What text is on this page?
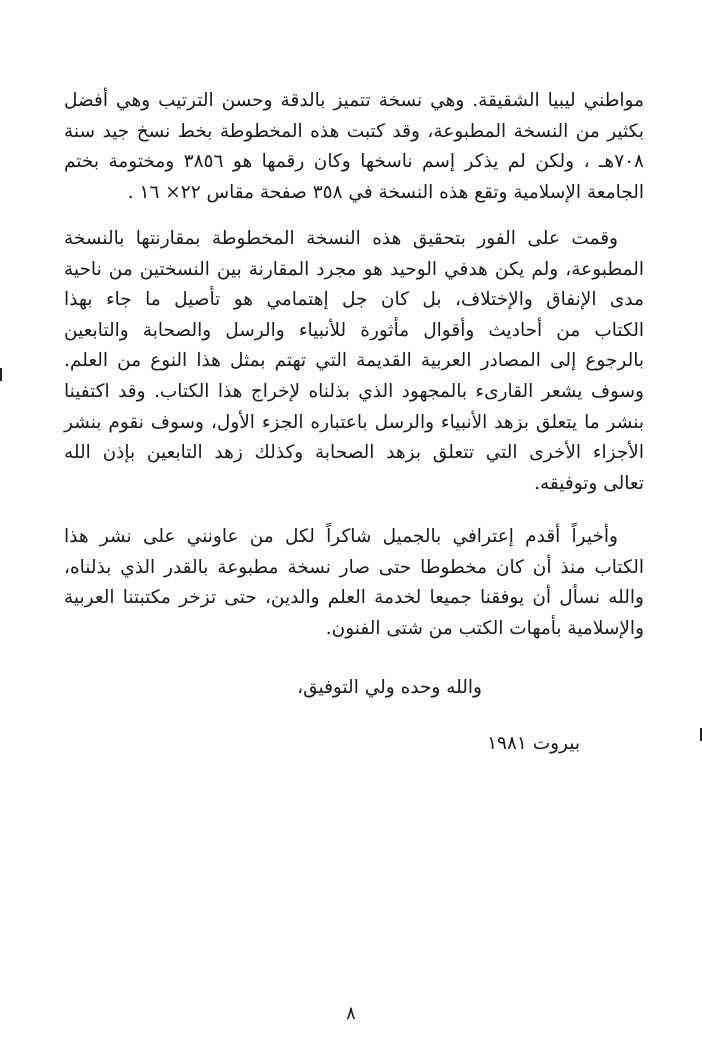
مواطني ليبيا الشقيقة. وهي نسخة تتميز بالدقة وحسن الترتيب وهي أفضل
بكثير من النسخة المطبوعة، وقد كتبت هذه المخطوطة بخط نسخ جيد سنة
٧٠٨هـ ، ولكن لم يذكر إسم ناسخها وكان رقمها هو ٣٨٥٦ ومختومة بختم
الجامعة الإسلامية وتقع هذه النسخة في ٣٥٨ صفحة مقاس ٢٢× ١٦ .
وقمت على الفور بتحقيق هذه النسخة المخطوطة بمقارنتها بالنسخة
المطبوعة، ولم يكن هدفي الوحيد هو مجرد المقارنة بين النسختين من ناحية
مدى الإنفاق والإختلاف، بل كان جل إهتمامي هو تأصيل ما جاء بهذا
الكتاب من أحاديث وأقوال مأثورة للأنبياء والرسل والصحابة والتابعين
بالرجوع إلى المصادر العربية القديمة التي تهتم بمثل هذا النوع من العلم.
وسوف يشعر القارىء بالمجهود الذي بذلناه لإخراج هذا الكتاب. وقد اكتفينا
بنشر ما يتعلق بزهد الأنبياء والرسل باعتباره الجزء الأول، وسوف نقوم بنشر
الأجزاء الأخرى التي تتعلق بزهد الصحابة وكذلك زهد التابعين بإذن الله
تعالى وتوفيقه.
وأخيراً أقدم إعترافي بالجميل شاكراً لكل من عاونني على نشر هذا
الكتاب منذ أن كان مخطوطا حتى صار نسخة مطبوعة بالقدر الذي بذلناه،
والله نسأل أن يوفقنا جميعا لخدمة العلم والدين، حتى تزخر مكتبتنا العربية
والإسلامية بأمهات الكتب من شتى الفنون.
والله وحده ولي التوفيق،
بيروت ١٩٨١
٨
